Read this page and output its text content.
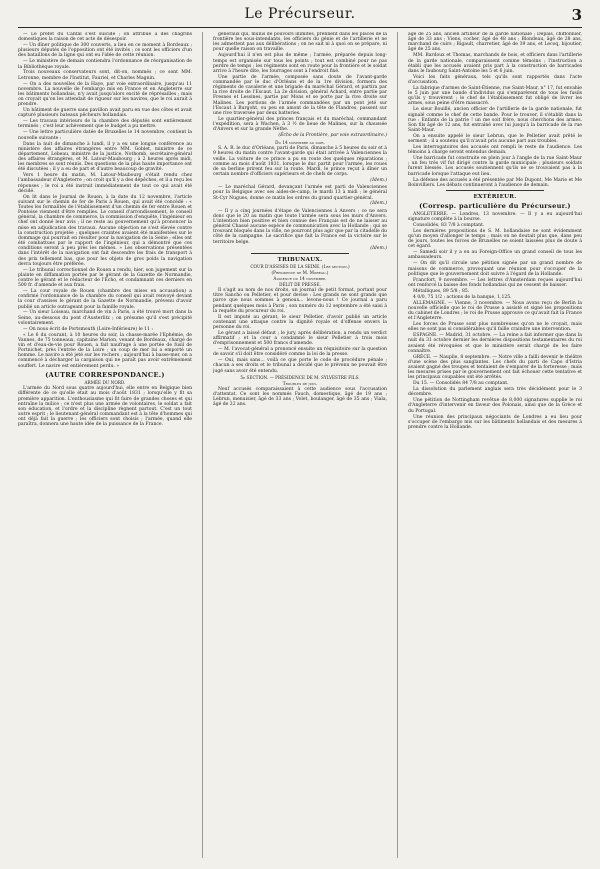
Le Précurseur.	3

— Le préfet du Cantal s'est suicidé ; on attribue à des chagrins domestiques la raison de cet acte de désespoir.

— Un dîner politique de 300 couverts, a lieu en ce moment à Bordeaux ; plusieurs députés de l'opposition ont été invités ; ce sont les officiers d'un des bataillons de la ligne qui ont eu l'idée de cette réunion.

— Le ministère de demain contiendra l'ordonnance de réorganisation de la Bibliothèque royale.

Trois nouveaux conservateurs sont, dit-on, nommés ; ce sont MM. Letronne, membre de l'Institut, Fauriel, et Charles Magnin.

— On a des nouvelles de la Haye, par voie extraordinaire, jusqu'au 11 novembre. La nouvelle de l'embargo mis en France et en Angleterre sur les bâtiments hollandais, n'y avait jusqu'alors excité de réprésailles ; mais on croyait qu'on les attendait de rigueur sur les navires, que le roi aurait à prendre.

Un bâtiment de guerre sans pavillon avait paru en vue des côtes et avait capturé plusieurs bateaux pêcheurs hollandais.

— Les travaux intérieurs de la chambre des députés sont entièrement terminés ; c'est leur achèvement que le budget a pu mettre.

— Une lettre particulière datée de Bruxelles le 14 novembre, contient la nouvelle suivante :

Dans la nuit de dimanche à lundi, il y a eu une longue conférence au ministère des affaires étrangères entre MM. Goblet, ministre de ce département, Lebeau, ministre de la justice, Nothomb, secrétaire-général des affaires étrangères, et M. Latour-Maubourg ; à 2 heures après midi, les membres se sont réunis. Des questions de la plus haute importance ont été discutées ; il y a eu de part et d'autre beaucoup de gravité.

Vers 1 heure du matin, M. Latour-Maubourg s'était rendu chez l'ambassadeur d'Angleterre ; on croit qu'il y a des dépêches, et il a reçu les réponses ; le roi a été instruit immédiatement de tout ce qui avait été décidé.

On lit dans le Journal de Rouen, à la date du 12 novembre, l'article suivant sur le chemin de fer de Paris à Rouen, qui avait été concédé : « Toutes les formalités de l'établissement d'un chemin de fer entre Rouen et Pontoise viennent d'être remplies. Le conseil d'arrondissement, le conseil général, la chambre de commerce, la commission d'enquête, l'ingénieur en chef ont donné leur avis ; il ne reste au gouvernement qu'à prononcer la mise en adjudication des travaux. Aucune objection ne s'est élevée contre la construction projetée ; quelques craintes avaient été manifestées sur le dommage qui pourrait en résulter pour la navigation de la Seine ; elles ont été combattues par le rapport de l'ingénieur, qui a démontré que ces conditions seront à peu près les mêmes. » Les observations présentées dans l'intérêt de la navigation ont fait descendre les frais de transport à des prix tellement bas, que pour les objets de gros poids la navigation devra toujours être préférée.

— Le tribunal correctionnel de Rouen a rendu, hier, son jugement sur la plainte en diffamation portée par le gérant de la Gazette de Normandie, contre le gérant et le rédacteur de l'Écho, et condamnant ces derniers en 500 fr. d'amende et aux frais.

— La cour royale de Rouen (chambre des mises en accusation) a confirmé l'ordonnance de la chambre du conseil qui avait renvoyé devant la cour d'assises le gérant de la Gazette de Normandie, prévenu d'avoir publié un article outrageant pour la famille royale.

— Un sieur Loiseau, marchand de vin à Paris, a été trouvé mort dans la Seine, au-dessous du pont d'Austerlitz ; on présume qu'il s'est précipité volontairement.

— On nous écrit de Portsmouth (Loire-Inférieure) le 11 :

« Le 6 du courant, à 10 heures du soir, la chasse-marée l'Ephémie, de Vannes, de 75 tonneaux, capitaine Marion, venant de Bordeaux, chargé de vin et d'eau-de-vie pour Rouen, a fait naufrage à une portée de fusil de Portnichet, près l'entrée de la Loire ; un coup de mer lui a emporté un homme. Le navire a été jeté sur les rochers ; aujourd'hui à basse-mer, on a commencé à décharger la cargaison qui ne paraît pas avoir extrêmement souffert. Le navire est entièrement perdu. »

(AUTRE CORRESPONDANCE.)
ARMÉE DU NORD.

L'armée du Nord sous quatre aujourd'hui, elle entre en Belgique bien différente de ce qu'elle était au mois d'août 1831 ; lorsqu'elle y fit sa première apparition. L'enthousiasme qui fit faire de grandes choses et qui entraîne la milice ; ce n'est plus une armée de volontaires, le soldat a fait son éducation, et l'ordre et la discipline règnent partout. C'est un tout autre esprit ; le lieutenant-général commandant est à la tête d'hommes qui ont déjà fait la guerre ; les officiers sont choisis ; l'armée, quand elle paraîtra, donnera une haute idée de la puissance de la France.

généraux qui, munis de pouvoirs illimités, prennent dans les places de la frontière les sous-intendants, les officiers du génie et de l'artillerie et ne les admettent pas aux délibérations ; on ne sait ni à quoi on se prépare, ni pour quelle raison on travaille.

Aujourd'hui il n'en est plus de même ; l'armée, préparée depuis long-temps est organisée sur tous les points ; tout est combiné pour ne pas perdre de temps ; les régiments sont en route pour la frontière et le soldat arrive à l'heure dite, les fourrages sont à l'endroit fixé.

Une partie de l'armée, composée sans doute de l'avant-garde commandée par le duc d'Orléans et de la 1re division, formera des régiments de cavalerie et une brigade du maréchal Gérard, et partira par la rive droite de l'Escaut. La 2e division, général Achard, entre partie par Fresnes et Lessines, partie par Mons et se porte par la rive droite sur Malines. Les portions de l'armée commandées par un pont jeté sur l'Escaut à Burgoht, ou peu en amont de la tête de Flandres, passent sur une rive traversée par deux batteries.

Le quartier-général des princes français et du maréchal, commandant l'expédition, sera à Wachen, à 3 ½ de lieue de Malines, sur la chaussée d'Anvers et sur la grande Nèthe.

(Écho de la Frontière, par voie extraordinaire.)
Du 14 novembre au soir.

S. A. R. le duc d'Orléans, parti de Paris, dimanche à 5 heures du soir et à 9 heures du matin contre l'avant-garde qui était arrivée à Valenciennes la veille. La voiture de ce prince a pu en route des quelques réparations ; comme au mois d'août 1831, lorsque le duc partit pour l'armée, les roues de sa berline prirent feu sur la route. Mardi, le prince reçut à dîner un certain nombre d'officiers supérieurs et de chefs de corps.

(Idem.)

— Le maréchal Gérard, devançant l'armée est parti de Valenciennes pour la Belgique avec ses aides-de-camp, le mardi 13 à midi ; le général St-Cyr Nugues, donne ce matin les ordres du grand quartier-général.

(Idem.)

— Il y a cinq journées d'étape de Valenciennes à Anvers ; ce ne sera donc que le 20 au matin que toute l'armée sera sous les murs d'Anvers. L'intention bien positive et bien connue des Français est de ne laisser au général Chassé aucune espèce de communication avec la Hollande ; qui se trouvant bloqués dans la ville, ne pourront plus agir que par la citadelle du côté de la campagne. Le sacrifice que fait la France est la victoire sur le territoire belge.

(Idem.)
TRIBUNAUX.
COUR D'ASSISES DE LA SEINE. (1re section.)
(Présidence de M. Moreau.)
Audience du 14 novembre.
DÉLIT DE PRESSE.

Il s'agit au nom de nos droits, un journal de petit format, portant pour titre Sancho ou Pelletier, et pour devise : Les grands ne sont grands que parce que nous sommes à genoux... levons-nous ! Ce journal a paru pendant quelques mois à Paris ; son numéro du 12 septembre a été saisi à la requête du procureur du roi.

Il est imputé au gérant, le sieur Pelletier, d'avoir publié un article contenant une attaque contre la dignité royale et d'offense envers la personne du roi.

Le gérant a laissé défaut ; le jury, après délibération, a rendu un verdict affirmatif ; et la cour a condamné le sieur Pelletier à trois mois d'emprisonnement et 500 francs d'amende.

— M. l'avocat-général a prononcé ensuite un réquisitoire sur la question de savoir s'il doit être considéré comme la loi de la presse.

— Oui, mais sans... voilà ce que porte le code de procédure pénale ; chacun a ses droits et le tribunal a décidé que le prévenu ne pouvait être jugé sans avoir été entendu.

5e SECTION. — PRÉSIDENCE DE M. SYLVESTRE FILS.
Troubles de juin.

Neuf accusés comparaissaient à cette audience sous l'accusation d'attentat. Ce sont les nommés Fauch, domestique, âgé de 19 ans ; Lebrun, menuisier, âgé de 33 ans ; Volet, boulanger, âgé de 35 ans ; Viala, âgé de 22 ans.

âgé de 25 ans, ancien artilleur de la garde nationale ; Depais, chiffonnier, âgé de 33 ans ; Viens, cocher, âgé de 48 ans ; Blondeau, âgé de 28 ans, marchand de cuirs ; Bigault, charretier, âgé de 39 ans, et Lecoq, bijoutier, âgé de 25 ans.

MM. Bardoux et Thomas, marchands de bois, et officiers dans l'artillerie de la garde nationale, comparaissent comme témoins ; l'instruction a établi que les accusés avaient pris part à la construction de barricades dans le faubourg Saint-Antoine les 5 et 6 juin.

Voici les faits généraux, tels qu'ils sont rapportés dans l'acte d'accusation.

La fabrique d'armes de Saint-Étienne, rue Saint-Maur, n° 17, fut envahie le 5 juin par une bande d'individus qui s'emparèrent de tous les fusils qu'ils y trouvèrent ; le chef de l'établissement fut obligé de livrer les armes, sous peine d'être massacré.

Le sieur Bouillé, ancien officier de l'artillerie de la garde nationale, fut signalé comme le chef de cette bande. Pour le trouver, il s'établit dans la rue : Enfants de la patrie ! un me soit frère, nous cherchons des armes. Son fils âgé de 12 ans, fut entraîné avec lui jusqu'à la barricade de la rue Saint-Maur.

On a ensuite appelé le sieur Lebrun, que le Pelletier avait prêté le serment ; il a soutenu qu'il n'avait pris aucune part aux troubles.

Les interrogatoires des accusés ont rempli le reste de l'audience. Les témoins à charge seront entendus demain.

Une barricade fut construite en plein jour à l'angle de la rue Saint-Maur ; un feu très vif fut dirigé contre la garde municipale ; plusieurs soldats furent blessés. Les accusés soutiennent qu'ils ne se trouvaient pas à la barricade lorsque l'attaque eut lieu.

La défense des accusés a été présentée par Me Dupont, Me Marie et Me Boinvilliers. Les débats continueront à l'audience de demain.

EXTÉRIEUR.
(Corresp. particulière du Précurseur.)

ANGLETERRE. — Londres, 13 novembre. — Il y a eu aujourd'hui signature complète à la bourse.

Consolidés, 83 7/8 à comptant.

Les dernières propositions de S. M. hollandaise ne sont évidemment qu'un moyen d'allonger le temps ; mais on ne doutait plus que, dans peu de jours, toutes les forces de Bruxelles ne soient laissées plus de doute à cet égard.

— Samedi soir il y a eu au Foreign-Office un grand conseil de tous les ambassadeurs.

— On dit qu'il circule une pétition signée par un grand nombre de maisons de commerce, provoquant une réunion pour s'occuper de la politique que le gouvernement doit suivre à l'égard de la Hollande.

Francfort, 9 novembre. — Les lettres d'Amsterdam reçues aujourd'hui ont renforcé la baisse des fonds hollandais qui ne cessent de baisser.

Métalliques, 89 5/8 ; 85.

4 0/0, 75 1/2 ; actions de la banque, 1,125.

ALLEMAGNE. — Vienne, 3 novembre. — Nous avons reçu de Berlin la nouvelle officielle que le roi de Prusse a assisté et signé les propositions du cabinet de Londres ; le roi de Prusse approuve ce qu'avait fait la France et l'Angleterre.

Les forces de Prusse sont plus nombreuses qu'on ne le croyait, mais elles ne sont pas si considérables qu'il faille craindre une intervention.

ESPAGNE. — Madrid, 31 octobre. — La reine a fait informer que dans la nuit du 31 octobre dernier les dernières dispositions testamentaires du roi avaient été révoquées et que le ministère serait chargé de les faire connaître.

GRÈCE. — Nauplie, 8 septembre. — Notre ville a failli devenir le théâtre d'une scène des plus sanglantes. Les chefs du parti de Capo d'Istria avaient gagné des troupes et tentaient de s'emparer de la forteresse ; mais les mesures prises par le gouvernement ont fait échouer cette tentative et les principaux coupables ont été arrêtés.

Du 15. — Consolidés 84 7/8 au comptant.

La dissolution du parlement anglais sera très décidément pour le 3 décembre.

Une pétition de Nottingham revêtue de 8,000 signatures supplie le roi d'Angleterre d'intervenir en faveur des Polonais, ainsi que de la Grèce et du Portugal.

Une réunion des principaux négociants de Londres a eu lieu pour s'occuper de l'embargo mis sur les bâtiments hollandais et des mesures à prendre contre la Hollande.
